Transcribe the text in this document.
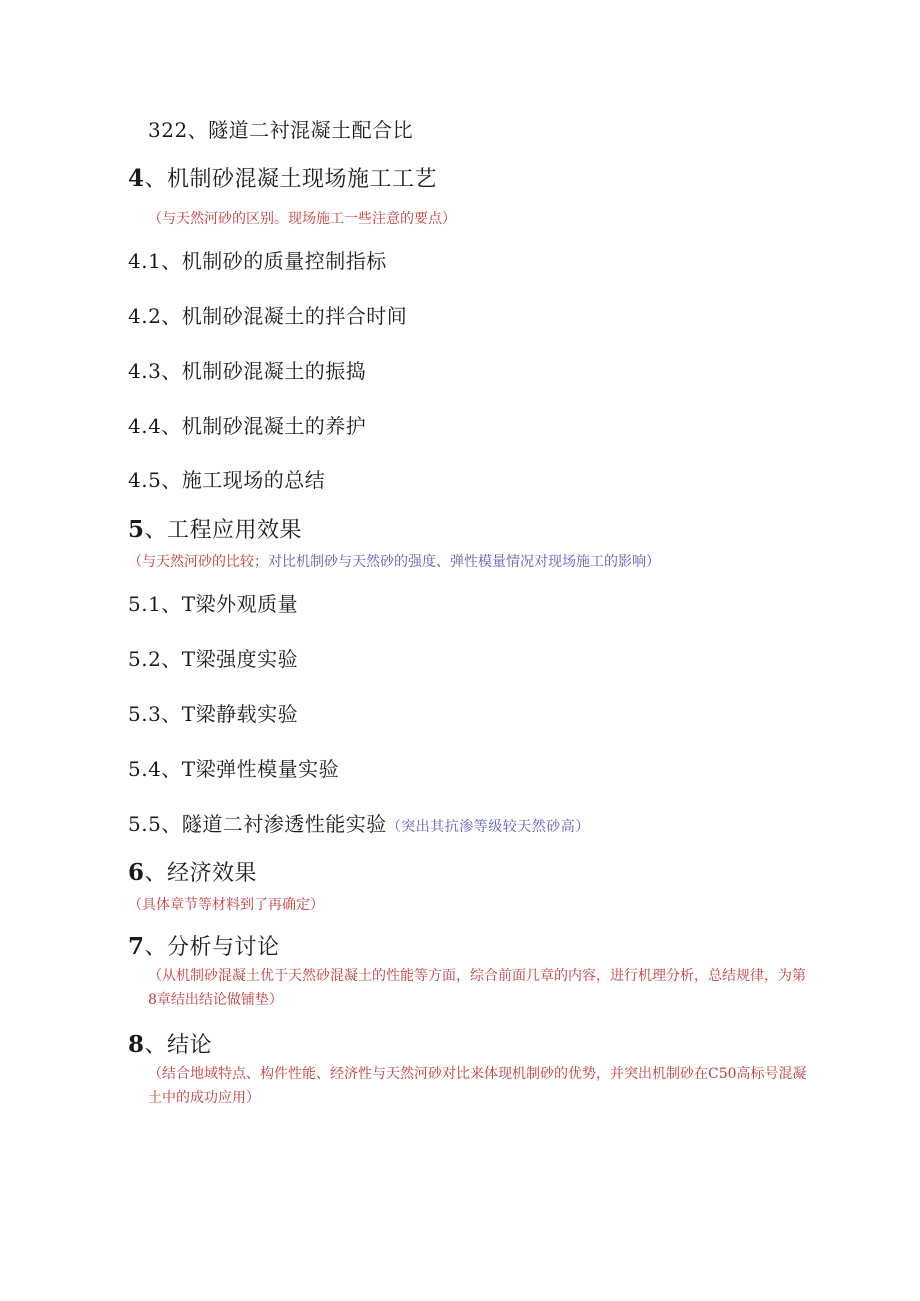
322、隧道二衬混凝土配合比
4、机制砂混凝土现场施工工艺
（与天然河砂的区别。现场施工一些注意的要点）
4.1、机制砂的质量控制指标
4.2、机制砂混凝土的拌合时间
4.3、机制砂混凝土的振捣
4.4、机制砂混凝土的养护
4.5、施工现场的总结
5、工程应用效果
（与天然河砂的比较；对比机制砂与天然砂的强度、弹性模量情况对现场施工的影响）
5.1、T梁外观质量
5.2、T梁强度实验
5.3、T梁静载实验
5.4、T梁弹性模量实验
5.5、隧道二衬渗透性能实验（突出其抗渗等级较天然砂高）
6、经济效果
（具体章节等材料到了再确定）
7、分析与讨论
（从机制砂混凝土优于天然砂混凝土的性能等方面，综合前面几章的内容，进行机理分析，总结规律，为第8章结出结论做铺垫）
8、结论
（结合地域特点、构件性能、经济性与天然河砂对比来体现机制砂的优势，并突出机制砂在C50高标号混凝土中的成功应用）
